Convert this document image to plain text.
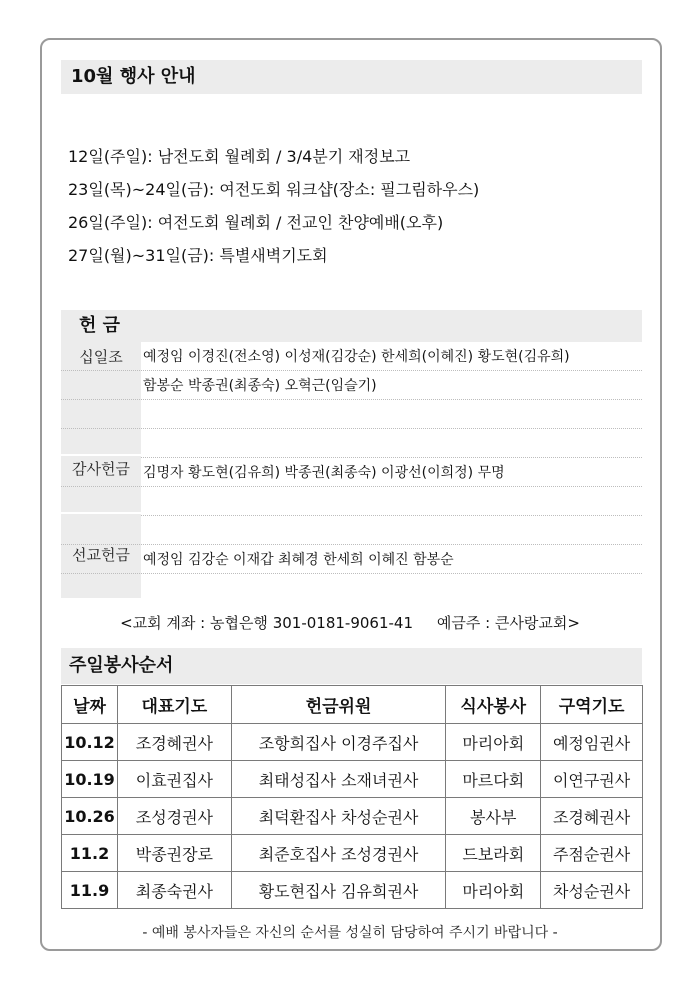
10월 행사 안내
12일(주일): 남전도회 월례회 / 3/4분기 재정보고
23일(목)~24일(금): 여전도회 워크샵(장소: 필그림하우스)
26일(주일): 여전도회 월례회 / 전교인 찬양예배(오후)
27일(월)~31일(금): 특별새벽기도회
헌 금
십일조	예정임 이경진(전소영) 이성재(김강순) 한세희(이혜진) 황도현(김유희)
함봉순 박종권(최종숙) 오혁근(임슬기)
감사헌금 김명자 황도현(김유희) 박종권(최종숙) 이광선(이희정) 무명
선교헌금 예정임 김강순 이재갑 최혜경 한세희 이혜진 함봉순
<교회 계좌 : 농협은행 301-0181-9061-41     예금주 : 큰사랑교회>
주일봉사순서
날짜	대표기도	헌금위원	식사봉사	구역기도
10.12	조경혜권사	조항희집사 이경주집사	마리아회	예정임권사
10.19	이효권집사	최태성집사 소재녀권사	마르다회	이연구권사
10.26	조성경권사	최덕환집사 차성순권사	봉사부	조경혜권사
11.2	박종권장로	최준호집사 조성경권사	드보라회	주점순권사
11.9	최종숙권사	황도현집사 김유희권사	마리아회	차성순권사
- 예배 봉사자들은 자신의 순서를 성실히 담당하여 주시기 바랍니다 -
